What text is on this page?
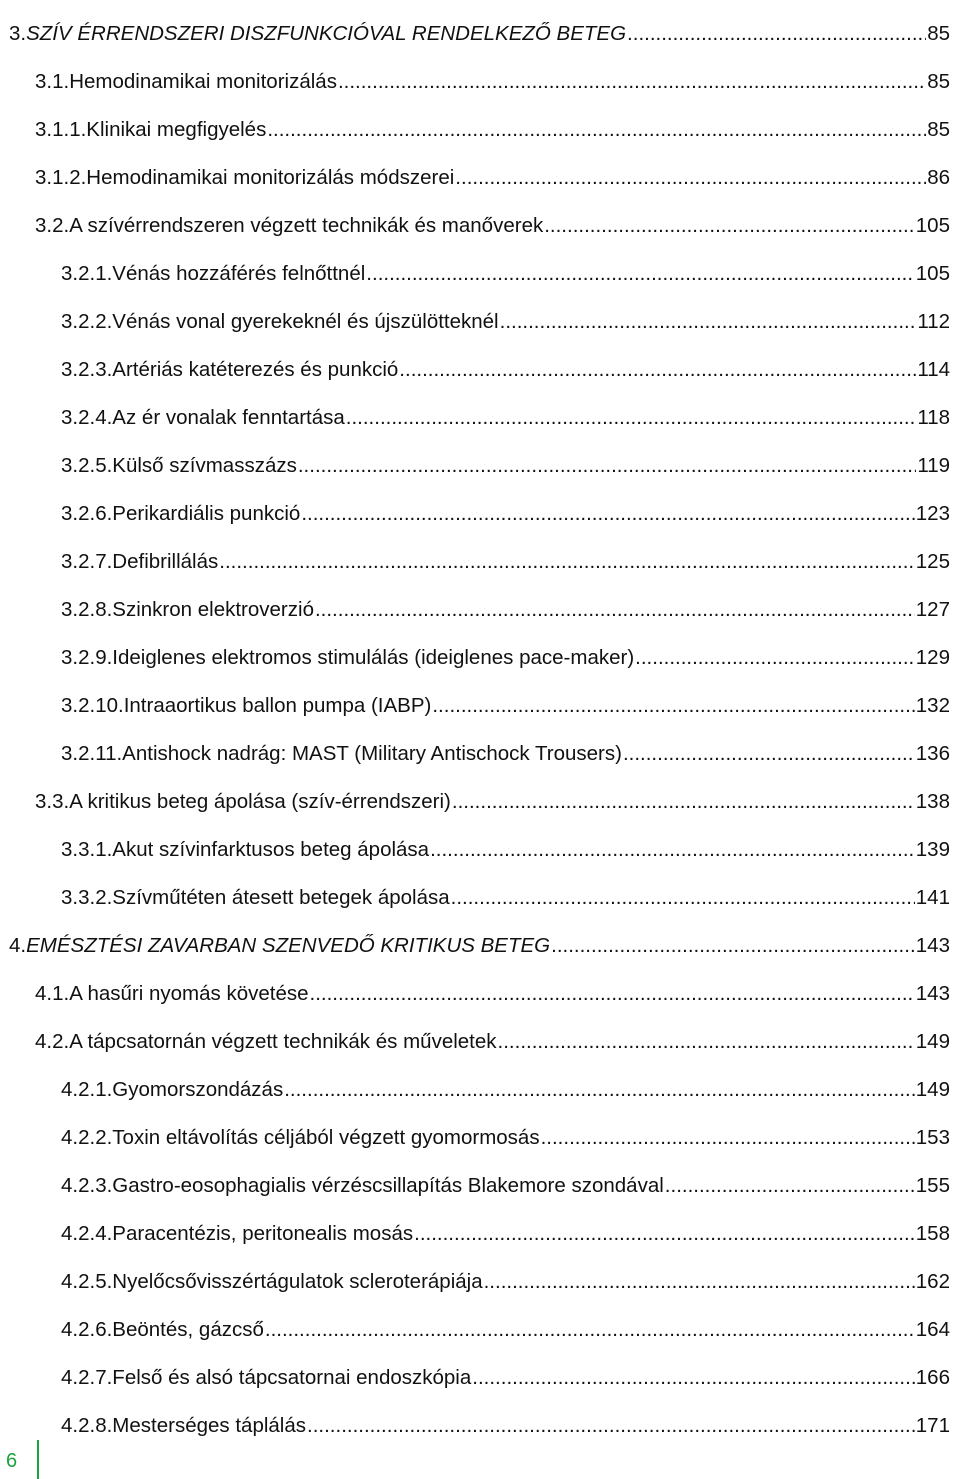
3. SZÍV ÉRRENDSZERI DISZFUNKCIÓVAL RENDELKEZŐ BETEG .....	85
3.1. Hemodinamikai monitorizálás .....	85
3.1.1. Klinikai megfigyelés .....	85
3.1.2. Hemodinamikai monitorizálás módszerei .....	86
3.2. A szívérrendszeren végzett technikák és manőverek .....	105
3.2.1. Vénás hozzáférés felnőttnél .....	105
3.2.2. Vénás vonal gyerekeknél és újszülötteknél .....	112
3.2.3. Artériás katéterezés és punkció .....	114
3.2.4. Az ér vonalak fenntartása .....	118
3.2.5. Külső szívmasszázs .....	119
3.2.6. Perikardiális punkció .....	123
3.2.7. Defibrillálás .....	125
3.2.8. Szinkron elektroverzió .....	127
3.2.9. Ideiglenes elektromos stimulálás (ideiglenes pace-maker) .....	129
3.2.10. Intraaortikus ballon pumpa (IABP) .....	132
3.2.11. Antishock nadrág: MAST (Military Antischock Trousers) .....	136
3.3. A kritikus beteg ápolása (szív-érrendszeri) .....	138
3.3.1. Akut szívinfarktusos beteg ápolása .....	139
3.3.2. Szívműtéten átesett betegek ápolása .....	141
4. EMÉSZTÉSI ZAVARBAN SZENVEDŐ KRITIKUS BETEG .....	143
4.1. A hasűri nyomás követése .....	143
4.2. A tápcsatornán végzett technikák és műveletek .....	149
4.2.1. Gyomorszondázás .....	149
4.2.2. Toxin eltávolítás céljából végzett gyomormosás .....	153
4.2.3. Gastro-eosophagialis vérzéscsillapítás Blakemore szondával .....	155
4.2.4. Paracentézis, peritonealis mosás .....	158
4.2.5. Nyelőcsővisszértágulatok scleroterápiája .....	162
4.2.6. Beöntés, gázcső .....	164
4.2.7. Felső és alsó tápcsatornai endoszkópia .....	166
4.2.8. Mesterséges táplálás .....	171
6
